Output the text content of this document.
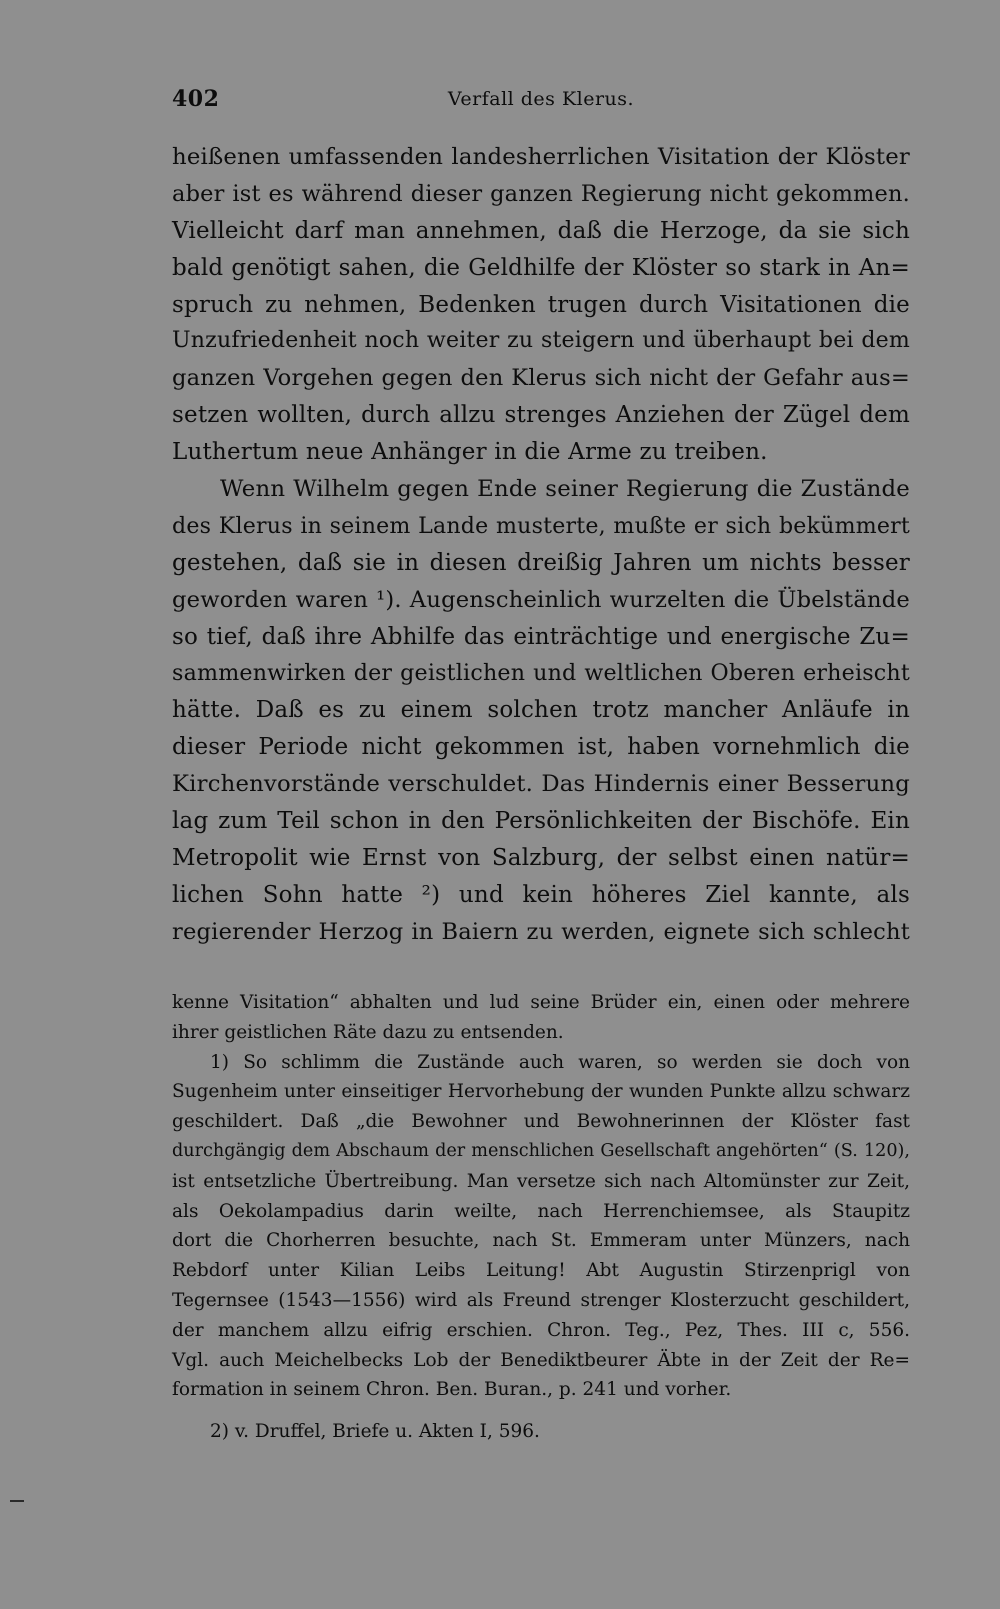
402	Verfall des Klerus.
heißenen umfassenden landesherrlichen Visitation der Klöster
aber ist es während dieser ganzen Regierung nicht gekommen.
Vielleicht darf man annehmen, daß die Herzoge, da sie sich
bald genötigt sahen, die Geldhilfe der Klöster so stark in An=
spruch zu nehmen, Bedenken trugen durch Visitationen die
Unzufriedenheit noch weiter zu steigern und überhaupt bei dem
ganzen Vorgehen gegen den Klerus sich nicht der Gefahr aus=
setzen wollten, durch allzu strenges Anziehen der Zügel dem
Luthertum neue Anhänger in die Arme zu treiben.
Wenn Wilhelm gegen Ende seiner Regierung die Zustände
des Klerus in seinem Lande musterte, mußte er sich bekümmert
gestehen, daß sie in diesen dreißig Jahren um nichts besser
geworden waren ¹). Augenscheinlich wurzelten die Übelstände
so tief, daß ihre Abhilfe das einträchtige und energische Zu=
sammenwirken der geistlichen und weltlichen Oberen erheischt
hätte. Daß es zu einem solchen trotz mancher Anläufe in
dieser Periode nicht gekommen ist, haben vornehmlich die
Kirchenvorstände verschuldet. Das Hindernis einer Besserung
lag zum Teil schon in den Persönlichkeiten der Bischöfe. Ein
Metropolit wie Ernst von Salzburg, der selbst einen natür=
lichen Sohn hatte ²) und kein höheres Ziel kannte, als
regierender Herzog in Baiern zu werden, eignete sich schlecht
kenne Visitation“ abhalten und lud seine Brüder ein, einen oder mehrere
ihrer geistlichen Räte dazu zu entsenden.
1) So schlimm die Zustände auch waren, so werden sie doch von
Sugenheim unter einseitiger Hervorhebung der wunden Punkte allzu schwarz
geschildert. Daß „die Bewohner und Bewohnerinnen der Klöster fast
durchgängig dem Abschaum der menschlichen Gesellschaft angehörten“ (S. 120),
ist entsetzliche Übertreibung. Man versetze sich nach Altomünster zur Zeit,
als Oekolampadius darin weilte, nach Herrenchiemsee, als Staupitz
dort die Chorherren besuchte, nach St. Emmeram unter Münzers, nach
Rebdorf unter Kilian Leibs Leitung! Abt Augustin Stirzenprigl von
Tegernsee (1543—1556) wird als Freund strenger Klosterzucht geschildert,
der manchem allzu eifrig erschien. Chron. Teg., Pez, Thes. III c, 556.
Vgl. auch Meichelbecks Lob der Benediktbeurer Äbte in der Zeit der Re=
formation in seinem Chron. Ben. Buran., p. 241 und vorher.
2) v. Druffel, Briefe u. Akten I, 596.
